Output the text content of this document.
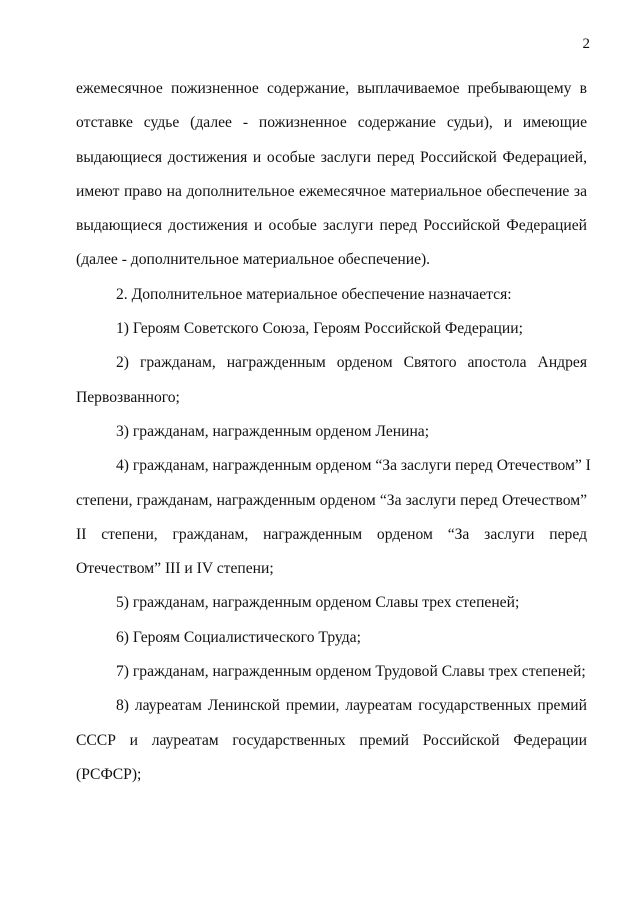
2
ежемесячное пожизненное содержание, выплачиваемое пребывающему в
отставке судье (далее - пожизненное содержание судьи), и имеющие
выдающиеся достижения и особые заслуги перед Российской Федерацией,
имеют право на дополнительное ежемесячное материальное обеспечение за
выдающиеся достижения и особые заслуги перед Российской Федерацией
(далее - дополнительное материальное обеспечение).
2. Дополнительное материальное обеспечение назначается:
1) Героям Советского Союза, Героям Российской Федерации;
2) гражданам, награжденным орденом Святого апостола Андрея
Первозванного;
3) гражданам, награжденным орденом Ленина;
4) гражданам, награжденным орденом “За заслуги перед Отечеством” I
степени, гражданам, награжденным орденом “За заслуги перед Отечеством”
II степени, гражданам, награжденным орденом “За заслуги перед
Отечеством” III и IV степени;
5) гражданам, награжденным орденом Славы трех степеней;
6) Героям Социалистического Труда;
7) гражданам, награжденным орденом Трудовой Славы трех степеней;
8) лауреатам Ленинской премии, лауреатам государственных премий
СССР и лауреатам государственных премий Российской Федерации
(РСФСР);
